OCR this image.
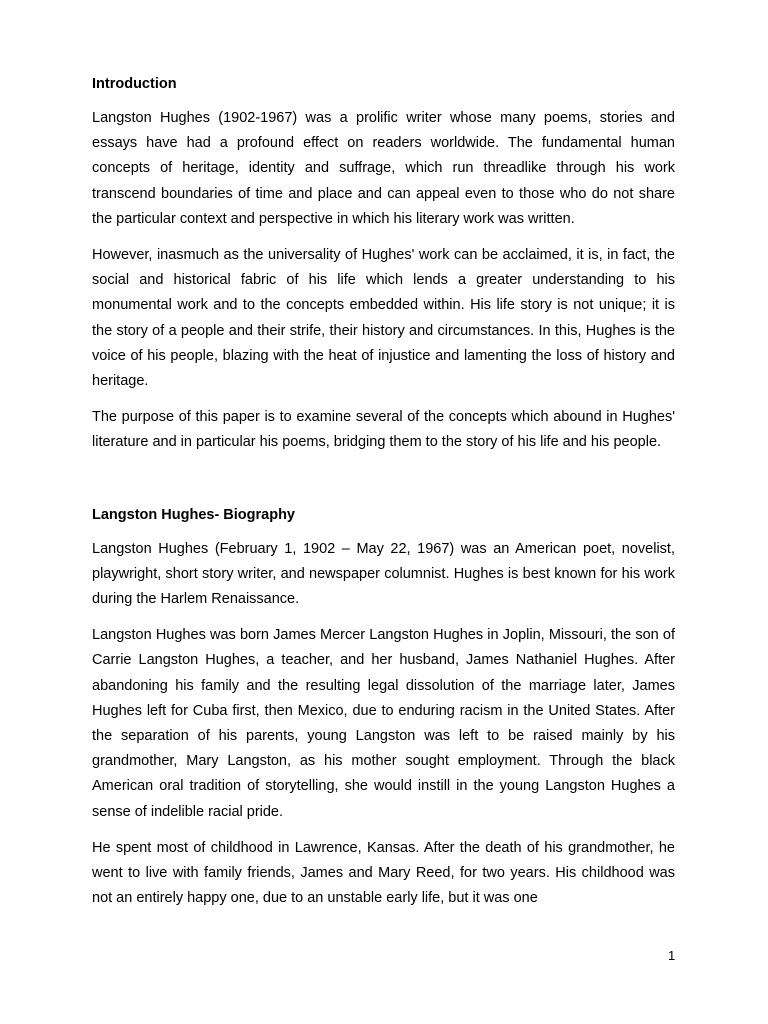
Introduction

Langston Hughes (1902-1967) was a prolific writer whose many poems, stories and essays have had a profound effect on readers worldwide. The fundamental human concepts of heritage, identity and suffrage, which run threadlike through his work transcend boundaries of time and place and can appeal even to those who do not share the particular context and perspective in which his literary work was written.

However, inasmuch as the universality of Hughes' work can be acclaimed, it is, in fact, the social and historical fabric of his life which lends a greater understanding to his monumental work and to the concepts embedded within. His life story is not unique; it is the story of a people and their strife, their history and circumstances. In this, Hughes is the voice of his people, blazing with the heat of injustice and lamenting the loss of history and heritage.

The purpose of this paper is to examine several of the concepts which abound in Hughes' literature and in particular his poems, bridging them to the story of his life and his people.

Langston Hughes- Biography

Langston Hughes (February 1, 1902 – May 22, 1967) was an American poet, novelist, playwright, short story writer, and newspaper columnist. Hughes is best known for his work during the Harlem Renaissance.

Langston Hughes was born James Mercer Langston Hughes in Joplin, Missouri, the son of Carrie Langston Hughes, a teacher, and her husband, James Nathaniel Hughes. After abandoning his family and the resulting legal dissolution of the marriage later, James Hughes left for Cuba first, then Mexico, due to enduring racism in the United States. After the separation of his parents, young Langston was left to be raised mainly by his grandmother, Mary Langston, as his mother sought employment. Through the black American oral tradition of storytelling, she would instill in the young Langston Hughes a sense of indelible racial pride.

He spent most of childhood in Lawrence, Kansas. After the death of his grandmother, he went to live with family friends, James and Mary Reed, for two years. His childhood was not an entirely happy one, due to an unstable early life, but it was one

1
